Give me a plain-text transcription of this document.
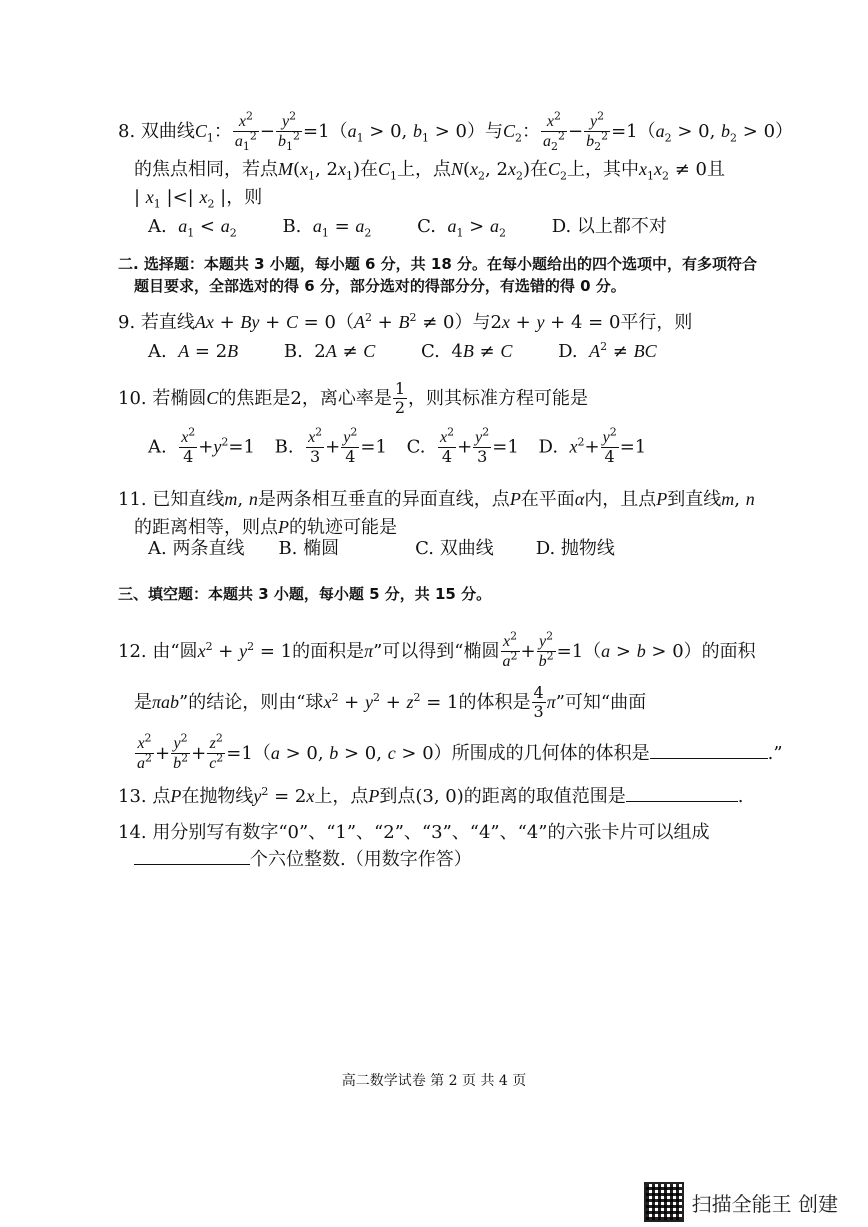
8. 双曲线$C_1$： $\frac{x^2}{a_1^2} - \frac{y^2}{b_1^2} =1(a_1 > 0$, $b_1 > 0$）与$C_2$： $\frac{x^2}{a_2^2} - \frac{y^2}{b_2^2} =1(a_2 > 0$, $b_2 > 0$）
的焦点相同，若点$M(x_1$, $2x_1$)在$C_1$上，点$N(x_2$, $2x_2$)在$C_2$上，其中$x_1x_2 \ne 0$且
| $x_1$ |<| $x_2$ |，则
A. $a_1 < a_2$	B. $a_1 = a_2$	C. $a_1 > a_2$	D. 以上都不对
二. 选择题：本题共 3 小题，每小题 6 分，共 18 分。在每小题给出的四个选项中，有多项符合
题目要求，全部选对的得 6 分，部分选对的得部分分，有选错的得 0 分。
9. 若直线$Ax + By + C = 0(A^2 + B^2 \ne 0)$与2x + y + 4 = 0平行，则
A. A = 2B	B.  2A ≠ C	C.  4B ≠ C	D. $A^2$ ≠ BC
10. 若椭圆C的焦距是2，离心率是 $\frac{1}{2}$ ，则其标准方程可能是
A. $\frac{x^2}{4} +y^2=1$ B. $\frac{x^2}{3} + \frac{y^2}{4} =1$ C. $\frac{x^2}{4} + \frac{y^2}{3} =1$ D. $x^2+ \frac{y^2}{4} =1$
11. 已知直线m, n是两条相互垂直的异面直线，点P在平面α内，且点P到直线m, n
的距离相等，则点P的轨迹可能是
A. 两条直线 B. 椭圆	C. 双曲线 D. 抛物线
三、填空题：本题共 3 小题，每小题 5 分，共 15 分。
12. 由“圆$x^2 + y^2 = 1$的面积是π”可以得到“椭圆 $\frac{x^2}{a^2} + \frac{y^2}{b^2} =1(a > b > 0)$的面积
是πab”的结论，则由“球$x^2 + y^2 + z^2 = 1$的体积是 $\frac{4}{3} \pi$”可知“曲面
$\frac{x^2}{a^2} + \frac{y^2}{b^2} + \frac{z^2}{c^2} =1(a > 0$, b > 0, c > 0）所围成的几何体的体积是	.”
13. 点P在抛物线$y^2 = 2x$上，点P到点(3, 0)的距离的取值范围是	.
14. 用分别写有数字“0”、“1”、“2”、“3”、“4”、“4”的六张卡片可以组成
个六位整数.（用数字作答）
高二数学试卷 第 2 页 共 4 页
扫描全能王 创建
